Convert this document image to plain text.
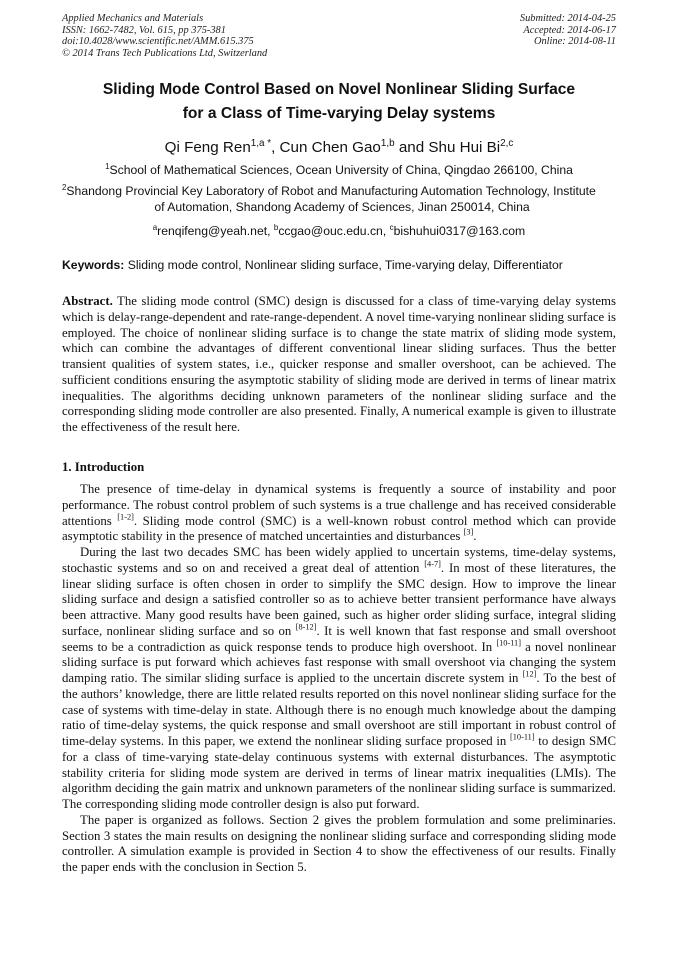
Applied Mechanics and Materials
ISSN: 1662-7482, Vol. 615, pp 375-381
doi:10.4028/www.scientific.net/AMM.615.375
© 2014 Trans Tech Publications Ltd, Switzerland
Submitted: 2014-04-25
Accepted: 2014-06-17
Online: 2014-08-11
Sliding Mode Control Based on Novel Nonlinear Sliding Surface
for a Class of Time-varying Delay systems
Qi Feng Ren$^{1,a *}$, Cun Chen Gao$^{1,b}$ and Shu Hui Bi$^{2,c}$
$^1$School of Mathematical Sciences, Ocean University of China, Qingdao 266100, China
$^2$Shandong Provincial Key Laboratory of Robot and Manufacturing Automation Technology, Institute
of Automation, Shandong Academy of Sciences, Jinan 250014, China
$^a$renqifeng@yeah.net, $^b$ccgao@ouc.edu.cn, $^c$bishuhui0317@163.com
Keywords: Sliding mode control, Nonlinear sliding surface, Time-varying delay, Differentiator

Abstract. The sliding mode control (SMC) design is discussed for a class of time-varying delay systems which is delay-range-dependent and rate-range-dependent. A novel time-varying nonlinear sliding surface is employed. The choice of nonlinear sliding surface is to change the state matrix of sliding mode system, which can combine the advantages of different conventional linear sliding surfaces. Thus the better transient qualities of system states, i.e., quicker response and smaller overshoot, can be achieved. The sufficient conditions ensuring the asymptotic stability of sliding mode are derived in terms of linear matrix inequalities. The algorithms deciding unknown parameters of the nonlinear sliding surface and the corresponding sliding mode controller are also presented. Finally, A numerical example is given to illustrate the effectiveness of the result here.

1. Introduction

The presence of time-delay in dynamical systems is frequently a source of instability and poor performance. The robust control problem of such systems is a true challenge and has received considerable attentions [1-2]. Sliding mode control (SMC) is a well-known robust control method which can provide asymptotic stability in the presence of matched uncertainties and disturbances [3].

During the last two decades SMC has been widely applied to uncertain systems, time-delay systems, stochastic systems and so on and received a great deal of attention [4-7]. In most of these literatures, the linear sliding surface is often chosen in order to simplify the SMC design. How to improve the linear sliding surface and design a satisfied controller so as to achieve better transient performance have always been attractive. Many good results have been gained, such as higher order sliding surface, integral sliding surface, nonlinear sliding surface and so on [8-12]. It is well known that fast response and small overshoot seems to be a contradiction as quick response tends to produce high overshoot. In [10-11] a novel nonlinear sliding surface is put forward which achieves fast response with small overshoot via changing the system damping ratio. The similar sliding surface is applied to the uncertain discrete system in [12]. To the best of the authors’ knowledge, there are little related results reported on this novel nonlinear sliding surface for the case of systems with time-delay in state. Although there is no enough much knowledge about the damping ratio of time-delay systems, the quick response and small overshoot are still important in robust control of time-delay systems. In this paper, we extend the nonlinear sliding surface proposed in [10-11] to design SMC for a class of time-varying state-delay continuous systems with external disturbances. The asymptotic stability criteria for sliding mode system are derived in terms of linear matrix inequalities (LMIs). The algorithm deciding the gain matrix and unknown parameters of the nonlinear sliding surface is summarized. The corresponding sliding mode controller design is also put forward.

The paper is organized as follows. Section 2 gives the problem formulation and some preliminaries. Section 3 states the main results on designing the nonlinear sliding surface and corresponding sliding mode controller. A simulation example is provided in Section 4 to show the effectiveness of our results. Finally the paper ends with the conclusion in Section 5.
